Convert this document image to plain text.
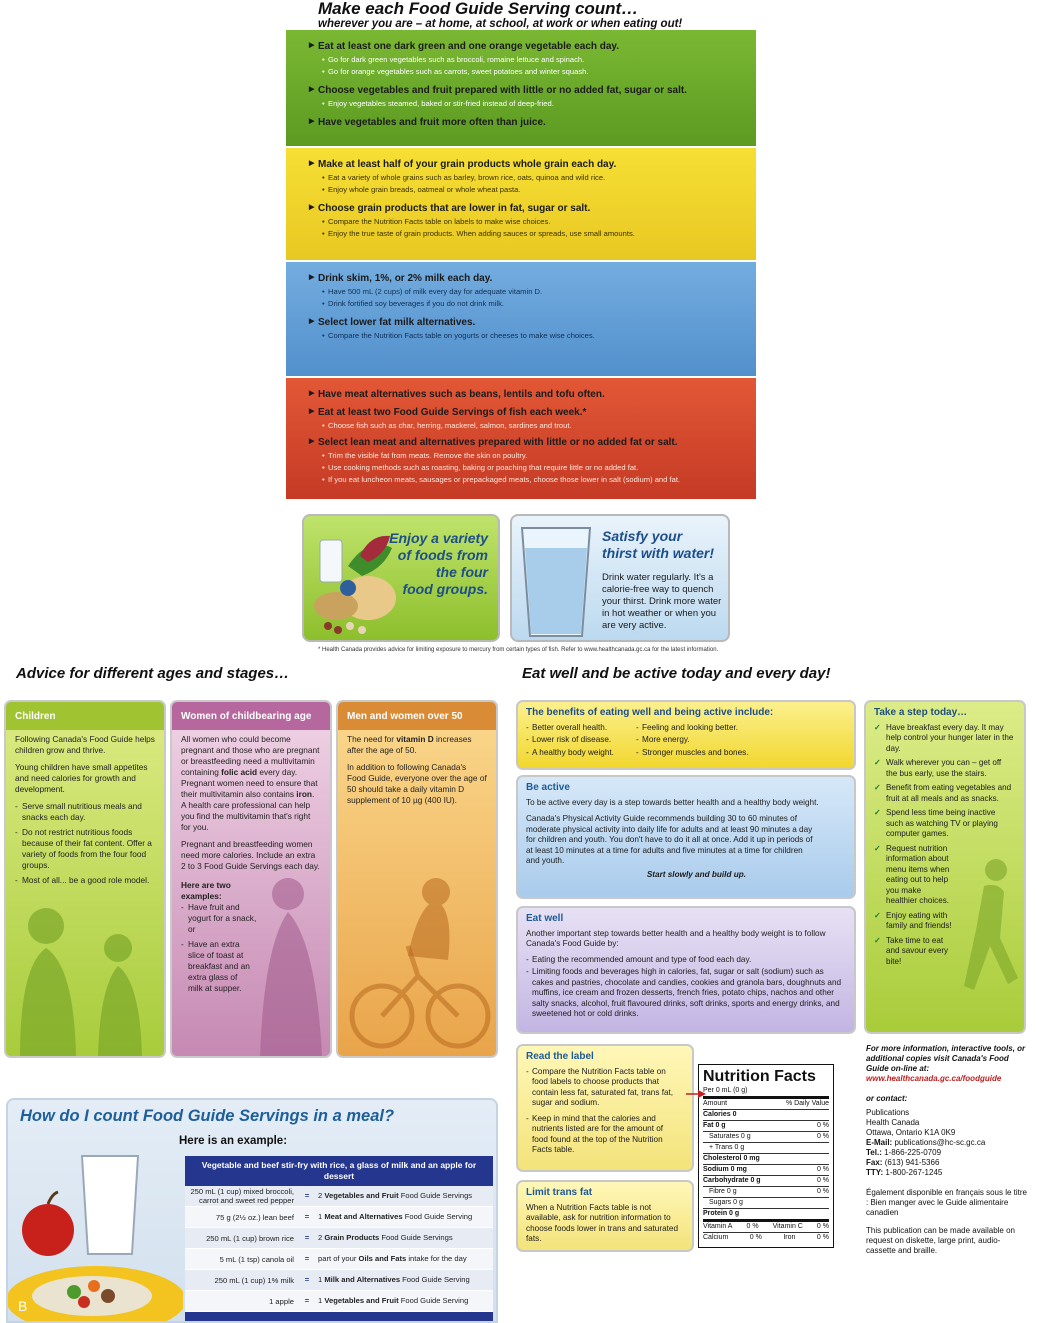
Make each Food Guide Serving count…
wherever you are – at home, at school, at work or when eating out!
▶ Eat at least one dark green and one orange vegetable each day.
• Go for dark green vegetables such as broccoli, romaine lettuce and spinach.
• Go for orange vegetables such as carrots, sweet potatoes and winter squash.
▶ Choose vegetables and fruit prepared with little or no added fat, sugar or salt.
• Enjoy vegetables steamed, baked or stir-fried instead of deep-fried.
▶ Have vegetables and fruit more often than juice.
▶ Make at least half of your grain products whole grain each day.
• Eat a variety of whole grains such as barley, brown rice, oats, quinoa and wild rice.
• Enjoy whole grain breads, oatmeal or whole wheat pasta.
▶ Choose grain products that are lower in fat, sugar or salt.
• Compare the Nutrition Facts table on labels to make wise choices.
• Enjoy the true taste of grain products. When adding sauces or spreads, use small amounts.
▶ Drink skim, 1%, or 2% milk each day.
• Have 500 mL (2 cups) of milk every day for adequate vitamin D.
• Drink fortified soy beverages if you do not drink milk.
▶ Select lower fat milk alternatives.
• Compare the Nutrition Facts table on yogurts or cheeses to make wise choices.
▶ Have meat alternatives such as beans, lentils and tofu often.
▶ Eat at least two Food Guide Servings of fish each week.*
• Choose fish such as char, herring, mackerel, salmon, sardines and trout.
▶ Select lean meat and alternatives prepared with little or no added fat or salt.
• Trim the visible fat from meats. Remove the skin on poultry.
• Use cooking methods such as roasting, baking or poaching that require little or no added fat.
• If you eat luncheon meats, sausages or prepackaged meats, choose those lower in salt (sodium) and fat.
Enjoy a variety
of foods from
the four
food groups.
Satisfy your
thirst with water!
Drink water regularly. It's a calorie-free way to quench your thirst. Drink more water in hot weather or when you are very active.
* Health Canada provides advice for limiting exposure to mercury from certain types of fish. Refer to www.healthcanada.gc.ca for the latest information.
Advice for different ages and stages…
Children

Following Canada's Food Guide helps children grow and thrive.

Young children have small appetites and need calories for growth and development.

- Serve small nutritious meals and snacks each day.
- Do not restrict nutritious foods because of their fat content. Offer a variety of foods from the four food groups.
- Most of all... be a good role model.
Women of childbearing age

All women who could become pregnant and those who are pregnant or breastfeeding need a multivitamin containing folic acid every day. Pregnant women need to ensure that their multivitamin also contains iron. A health care professional can help you find the multivitamin that's right for you.

Pregnant and breastfeeding women need more calories. Include an extra 2 to 3 Food Guide Servings each day.

Here are two examples:
- Have fruit and yogurt for a snack, or
- Have an extra slice of toast at breakfast and an extra glass of milk at supper.
Men and women over 50

The need for vitamin D increases after the age of 50.

In addition to following Canada's Food Guide, everyone over the age of 50 should take a daily vitamin D supplement of 10 µg (400 IU).

How do I count Food Guide Servings in a meal?
Here is an example:
B
Vegetable and beef stir-fry with rice, a glass of milk and an apple for dessert
250 mL (1 cup) mixed broccoli, carrot and sweet red pepper
=	2 Vegetables and Fruit Food Guide Servings
75 g (2½ oz.) lean beef	=	1 Meat and Alternatives Food Guide Serving
250 mL (1 cup) brown rice	=	2 Grain Products Food Guide Servings
5 mL (1 tsp) canola oil	=	part of your Oils and Fats intake for the day
250 mL (1 cup) 1% milk	=	1 Milk and Alternatives Food Guide Serving
1 apple	=	1 Vegetables and Fruit Food Guide Serving
Eat well and be active today and every day!
The benefits of eating well and being active include:
- Better overall health.
- Lower risk of disease.
- A healthy body weight.
- Feeling and looking better.
- More energy.
- Stronger muscles and bones.
Be active
To be active every day is a step towards better health and a healthy body weight.
Canada's Physical Activity Guide recommends building 30 to 60 minutes of moderate physical activity into daily life for adults and at least 90 minutes a day for children and youth. You don't have to do it all at once. Add it up in periods of at least 10 minutes at a time for adults and five minutes at a time for children and youth.
Start slowly and build up.
Eat well
Another important step towards better health and a healthy body weight is to follow Canada's Food Guide by:
- Eating the recommended amount and type of food each day.
- Limiting foods and beverages high in calories, fat, sugar or salt (sodium) such as cakes and pastries, chocolate and candies, cookies and granola bars, doughnuts and muffins, ice cream and frozen desserts, french fries, potato chips, nachos and other salty snacks, alcohol, fruit flavoured drinks, soft drinks, sports and energy drinks, and sweetened hot or cold drinks.
Read the label
- Compare the Nutrition Facts table on food labels to choose products that contain less fat, saturated fat, trans fat, sugar and sodium.
- Keep in mind that the calories and nutrients listed are for the amount of food found at the top of the Nutrition Facts table.
Limit trans fat
When a Nutrition Facts table is not available, ask for nutrition information to choose foods lower in trans and saturated fats.
Nutrition Facts
Per 0 mL (0 g)
Amount	% Daily Value
Calories 0
Fat 0 g	0 %
Saturates 0 g	0 %
+ Trans 0 g
Cholesterol 0 mg
Sodium 0 mg	0 %
Carbohydrate 0 g	0 %
Fibre 0 g	0 %
Sugars 0 g
Protein 0 g
Vitamin A 0 % Vitamin C 0 %
Calcium	0 %	Iron	0 %
Take a step today…
✓ Have breakfast every day. It may help control your hunger later in the day.
✓ Walk wherever you can – get off the bus early, use the stairs.
✓ Benefit from eating vegetables and fruit at all meals and as snacks.
✓ Spend less time being inactive such as watching TV or playing computer games.
✓ Request nutrition information about menu items when eating out to help you make healthier choices.
✓ Enjoy eating with family and friends!
✓ Take time to eat and savour every bite!
For more information, interactive tools, or additional copies visit Canada's Food Guide on-line at:
www.healthcanada.gc.ca/foodguide
or contact:
Publications
Health Canada
Ottawa, Ontario K1A 0K9
E-Mail: publications@hc-sc.gc.ca
Tel.: 1-866-225-0709
Fax: (613) 941-5366
TTY: 1-800-267-1245
Également disponible en français sous le titre : Bien manger avec le Guide alimentaire canadien
This publication can be made available on request on diskette, large print, audio-cassette and braille.
